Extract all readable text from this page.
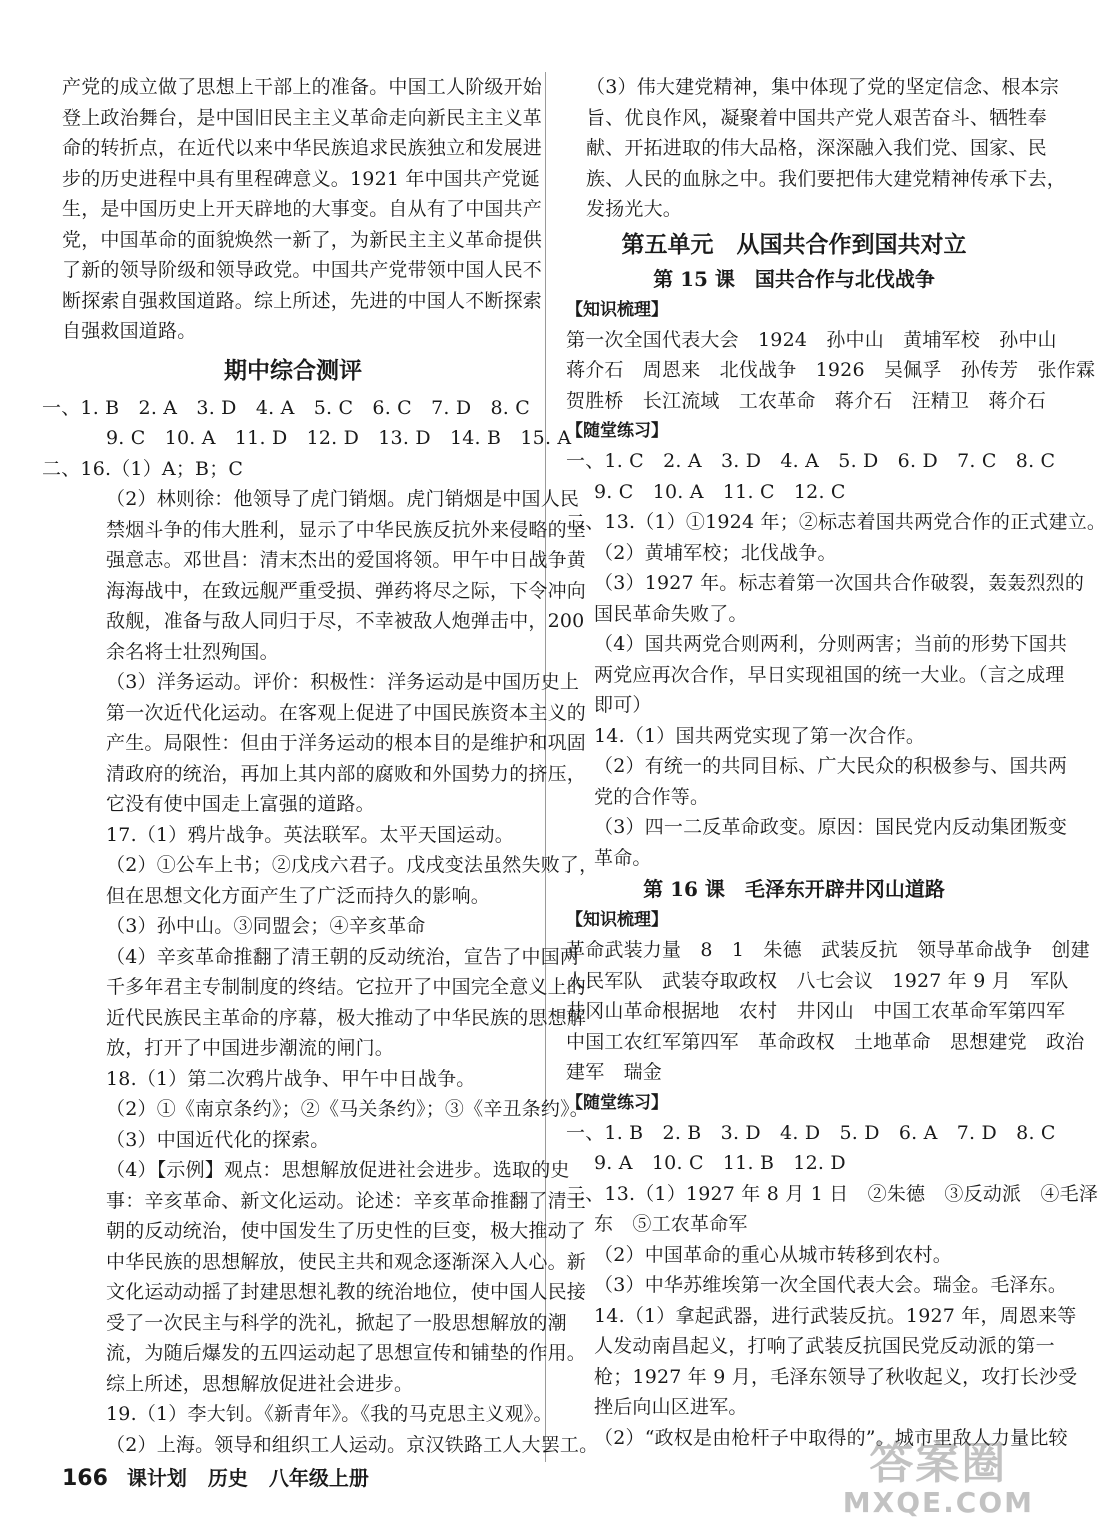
产党的成立做了思想上干部上的准备。中国工人阶级开始

登上政治舞台，是中国旧民主主义革命走向新民主主义革

命的转折点，在近代以来中华民族追求民族独立和发展进

步的历史进程中具有里程碑意义。1921 年中国共产党诞

生，是中国历史上开天辟地的大事变。自从有了中国共产

党，中国革命的面貌焕然一新了，为新民主主义革命提供

了新的领导阶级和领导政党。中国共产党带领中国人民不

断探索自强救国道路。综上所述，先进的中国人不断探索

自强救国道路。

期中综合测评

一、1. B　2. A　3. D　4. A　5. C　6. C　7. D　8. C

9. C　10. A　11. D　12. D　13. D　14. B　15. A

二、16.（1）A；B；C

（2）林则徐：他领导了虎门销烟。虎门销烟是中国人民

禁烟斗争的伟大胜利，显示了中华民族反抗外来侵略的坚

强意志。邓世昌：清末杰出的爱国将领。甲午中日战争黄

海海战中，在致远舰严重受损、弹药将尽之际，下令冲向

敌舰，准备与敌人同归于尽，不幸被敌人炮弹击中，200

余名将士壮烈殉国。

（3）洋务运动。评价：积极性：洋务运动是中国历史上

第一次近代化运动。在客观上促进了中国民族资本主义的

产生。局限性：但由于洋务运动的根本目的是维护和巩固

清政府的统治，再加上其内部的腐败和外国势力的挤压，

它没有使中国走上富强的道路。

17.（1）鸦片战争。英法联军。太平天国运动。

（2）①公车上书；②戊戌六君子。戊戌变法虽然失败了，

但在思想文化方面产生了广泛而持久的影响。

（3）孙中山。③同盟会；④辛亥革命

（4）辛亥革命推翻了清王朝的反动统治，宣告了中国两

千多年君主专制制度的终结。它拉开了中国完全意义上的

近代民族民主革命的序幕，极大推动了中华民族的思想解

放，打开了中国进步潮流的闸门。

18.（1）第二次鸦片战争、甲午中日战争。

（2）①《南京条约》；②《马关条约》；③《辛丑条约》。

（3）中国近代化的探索。

（4）【示例】观点：思想解放促进社会进步。选取的史

事：辛亥革命、新文化运动。论述：辛亥革命推翻了清王

朝的反动统治，使中国发生了历史性的巨变，极大推动了

中华民族的思想解放，使民主共和观念逐渐深入人心。新

文化运动动摇了封建思想礼教的统治地位，使中国人民接

受了一次民主与科学的洗礼，掀起了一股思想解放的潮

流，为随后爆发的五四运动起了思想宣传和铺垫的作用。

综上所述，思想解放促进社会进步。

19.（1）李大钊。《新青年》。《我的马克思主义观》。

（2）上海。领导和组织工人运动。京汉铁路工人大罢工。

（3）伟大建党精神，集中体现了党的坚定信念、根本宗

旨、优良作风，凝聚着中国共产党人艰苦奋斗、牺牲奉

献、开拓进取的伟大品格，深深融入我们党、国家、民

族、人民的血脉之中。我们要把伟大建党精神传承下去，

发扬光大。

第五单元　从国共合作到国共对立
第 15 课　国共合作与北伐战争

【知识梳理】

第一次全国代表大会　1924　孙中山　黄埔军校　孙中山

蒋介石　周恩来　北伐战争　1926　吴佩孚　孙传芳　张作霖

贺胜桥　长江流域　工农革命　蒋介石　汪精卫　蒋介石

【随堂练习】

一、1. C　2. A　3. D　4. A　5. D　6. D　7. C　8. C

9. C　10. A　11. C　12. C

二、13.（1）①1924 年；②标志着国共两党合作的正式建立。

（2）黄埔军校；北伐战争。

（3）1927 年。标志着第一次国共合作破裂，轰轰烈烈的

国民革命失败了。

（4）国共两党合则两利，分则两害；当前的形势下国共

两党应再次合作，早日实现祖国的统一大业。（言之成理

即可）

14.（1）国共两党实现了第一次合作。

（2）有统一的共同目标、广大民众的积极参与、国共两

党的合作等。

（3）四一二反革命政变。原因：国民党内反动集团叛变

革命。

第 16 课　毛泽东开辟井冈山道路

【知识梳理】

革命武装力量　8　1　朱德　武装反抗　领导革命战争　创建

人民军队　武装夺取政权　八七会议　1927 年 9 月　军队

井冈山革命根据地　农村　井冈山　中国工农革命军第四军

中国工农红军第四军　革命政权　土地革命　思想建党　政治

建军　瑞金

【随堂练习】

一、1. B　2. B　3. D　4. D　5. D　6. A　7. D　8. C

9. A　10. C　11. B　12. D

二、13.（1）1927 年 8 月 1 日　②朱德　③反动派　④毛泽

东　⑤工农革命军

（2）中国革命的重心从城市转移到农村。

（3）中华苏维埃第一次全国代表大会。瑞金。毛泽东。

14.（1）拿起武器，进行武装反抗。1927 年，周恩来等

人发动南昌起义，打响了武装反抗国民党反动派的第一

枪；1927 年 9 月，毛泽东领导了秋收起义，攻打长沙受

挫后向山区进军。

（2）“政权是由枪杆子中取得的”。城市里敌人力量比较

166 课计划 历史 八年级上册	答案圈
MXQE.COM
